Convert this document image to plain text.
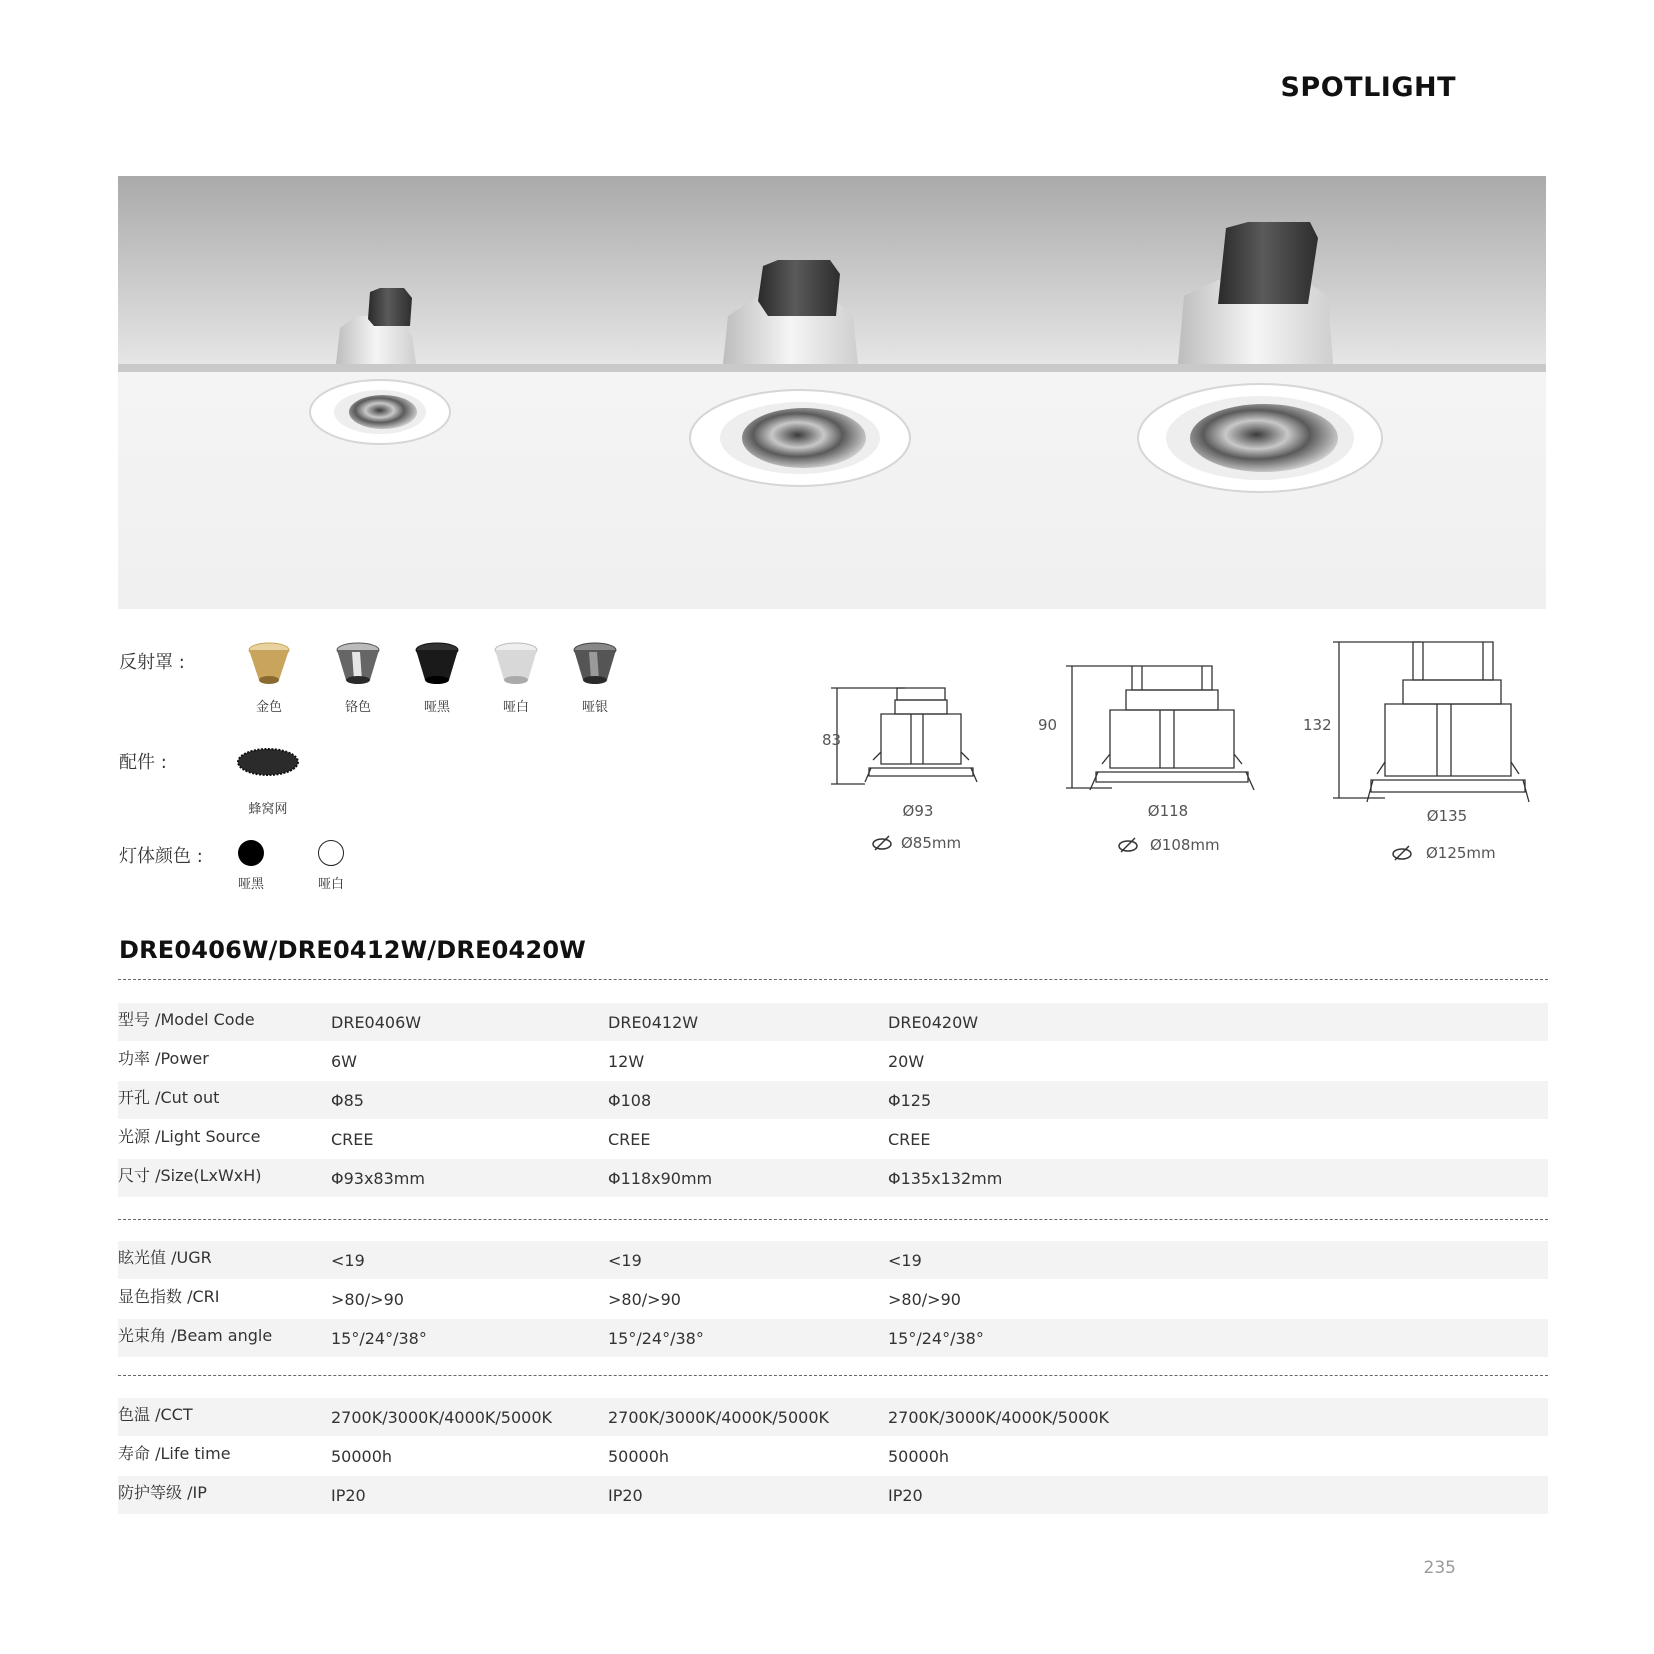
SPOTLIGHT
反射罩 :
金色	铬色	哑黑	哑白	哑银
配件 :
蜂窝网
灯体颜色 :
哑黑	哑白
83
Ø93
Ø85mm
90
Ø118
Ø108mm
132
Ø135
Ø125mm
DRE0406W/DRE0412W/DRE0420W
型号 /Model Code	DRE0406W	DRE0412W	DRE0420W
功率 /Power	6W	12W	20W
开孔 /Cut out	Φ85	Φ108	Φ125
光源 /Light Source	CREE	CREE	CREE
尺寸 /Size(LxWxH)	Φ93x83mm	Φ118x90mm	Φ135x132mm
眩光值 /UGR	<19	<19	<19
显色指数 /CRI	>80/>90	>80/>90	>80/>90
光束角 /Beam angle	15°/24°/38°	15°/24°/38°	15°/24°/38°
色温 /CCT	2700K/3000K/4000K/5000K	2700K/3000K/4000K/5000K	2700K/3000K/4000K/5000K
寿命 /Life time	50000h	50000h	50000h
防护等级 /IP	IP20	IP20	IP20
235
